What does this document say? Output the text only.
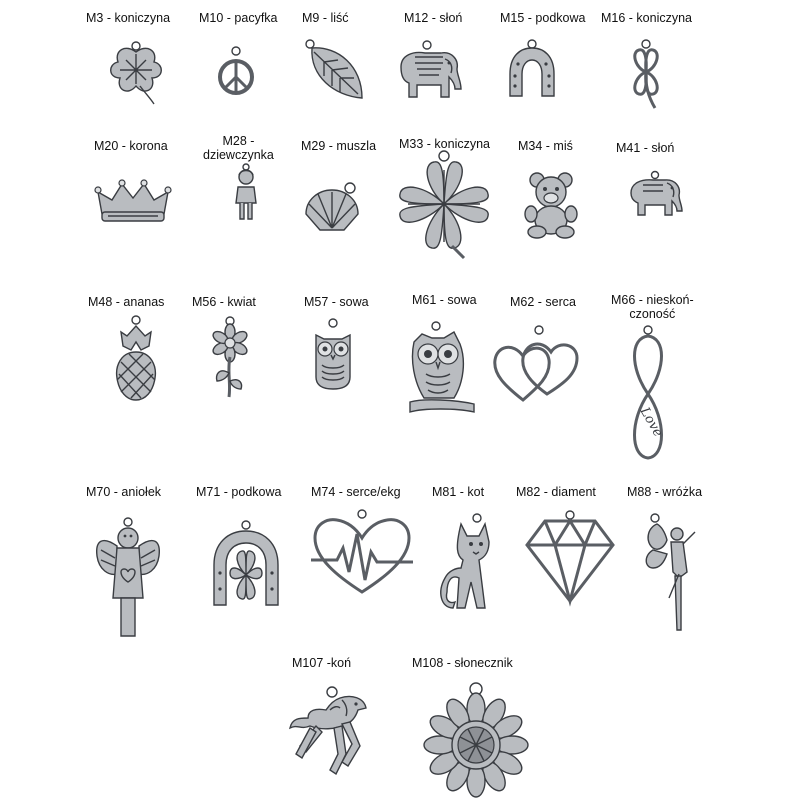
M3 - koniczyna M10 - pacyfka M9 - liść	M12 - słoń	M15 - podkowa M16 - koniczyna
M20 - korona	M28 -
dziewczynka
M29 - muszla M33 - koniczyna M34 - miś	M41 - słoń
M48 - ananas M56 - kwiat	M57 - sowa	M61 - sowa	M62 - serca	M66 - nieskoń-
czoność
Love
M70 - aniołek	M71 - podkowa M74 - serce/ekg	M81 - kot	M82 - diament M88 - wróżka
M107 -koń	M108 - słonecznik
